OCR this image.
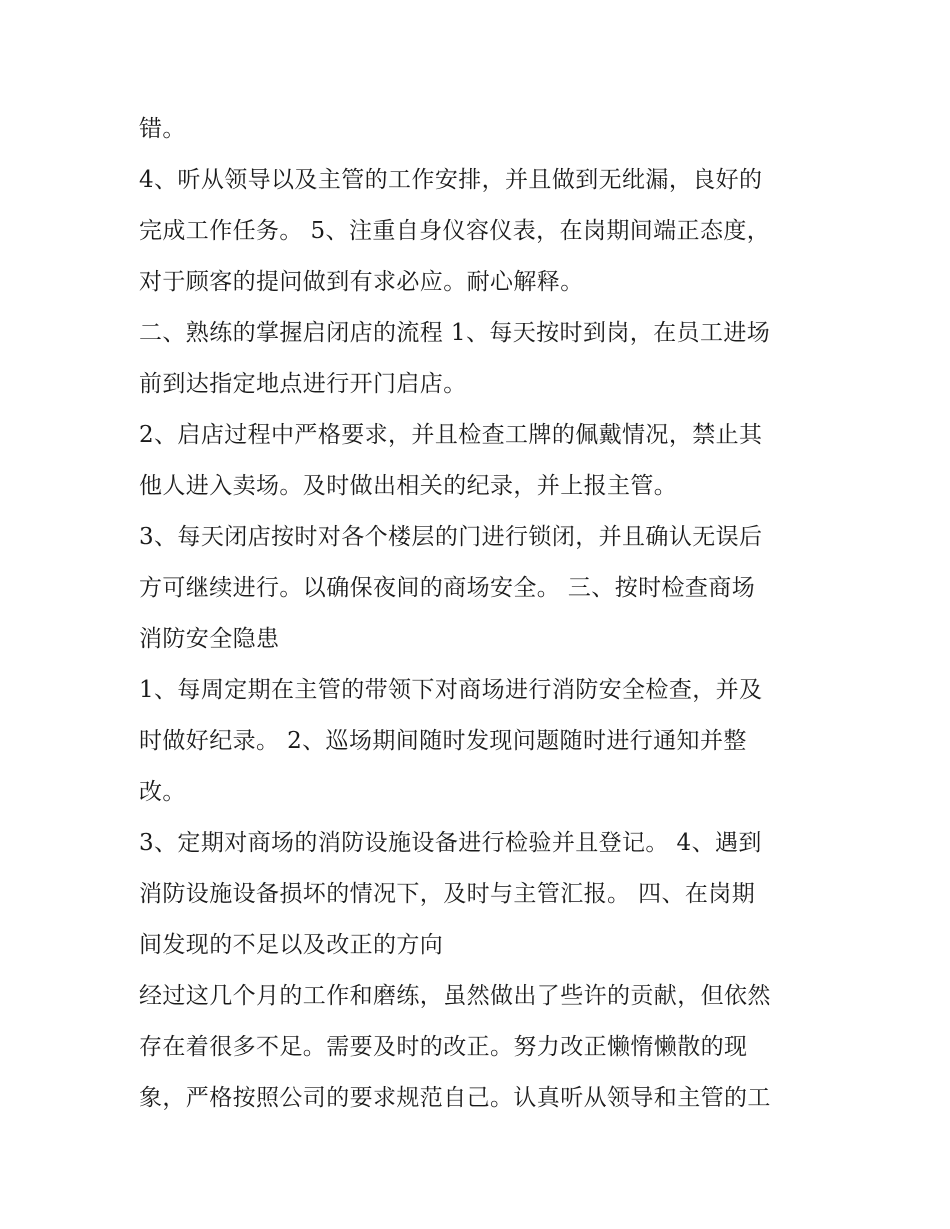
错。
4、听从领导以及主管的工作安排，并且做到无纰漏，良好的
完成工作任务。 5、注重自身仪容仪表，在岗期间端正态度，
对于顾客的提问做到有求必应。耐心解释。
二、熟练的掌握启闭店的流程 1、每天按时到岗，在员工进场
前到达指定地点进行开门启店。
2、启店过程中严格要求，并且检查工牌的佩戴情况，禁止其
他人进入卖场。及时做出相关的纪录，并上报主管。
3、每天闭店按时对各个楼层的门进行锁闭，并且确认无误后
方可继续进行。以确保夜间的商场安全。 三、按时检查商场
消防安全隐患
1、每周定期在主管的带领下对商场进行消防安全检查，并及
时做好纪录。 2、巡场期间随时发现问题随时进行通知并整
改。
3、定期对商场的消防设施设备进行检验并且登记。 4、遇到
消防设施设备损坏的情况下，及时与主管汇报。 四、在岗期
间发现的不足以及改正的方向
经过这几个月的工作和磨练，虽然做出了些许的贡献，但依然
存在着很多不足。需要及时的改正。努力改正懒惰懒散的现
象，严格按照公司的要求规范自己。认真听从领导和主管的工
